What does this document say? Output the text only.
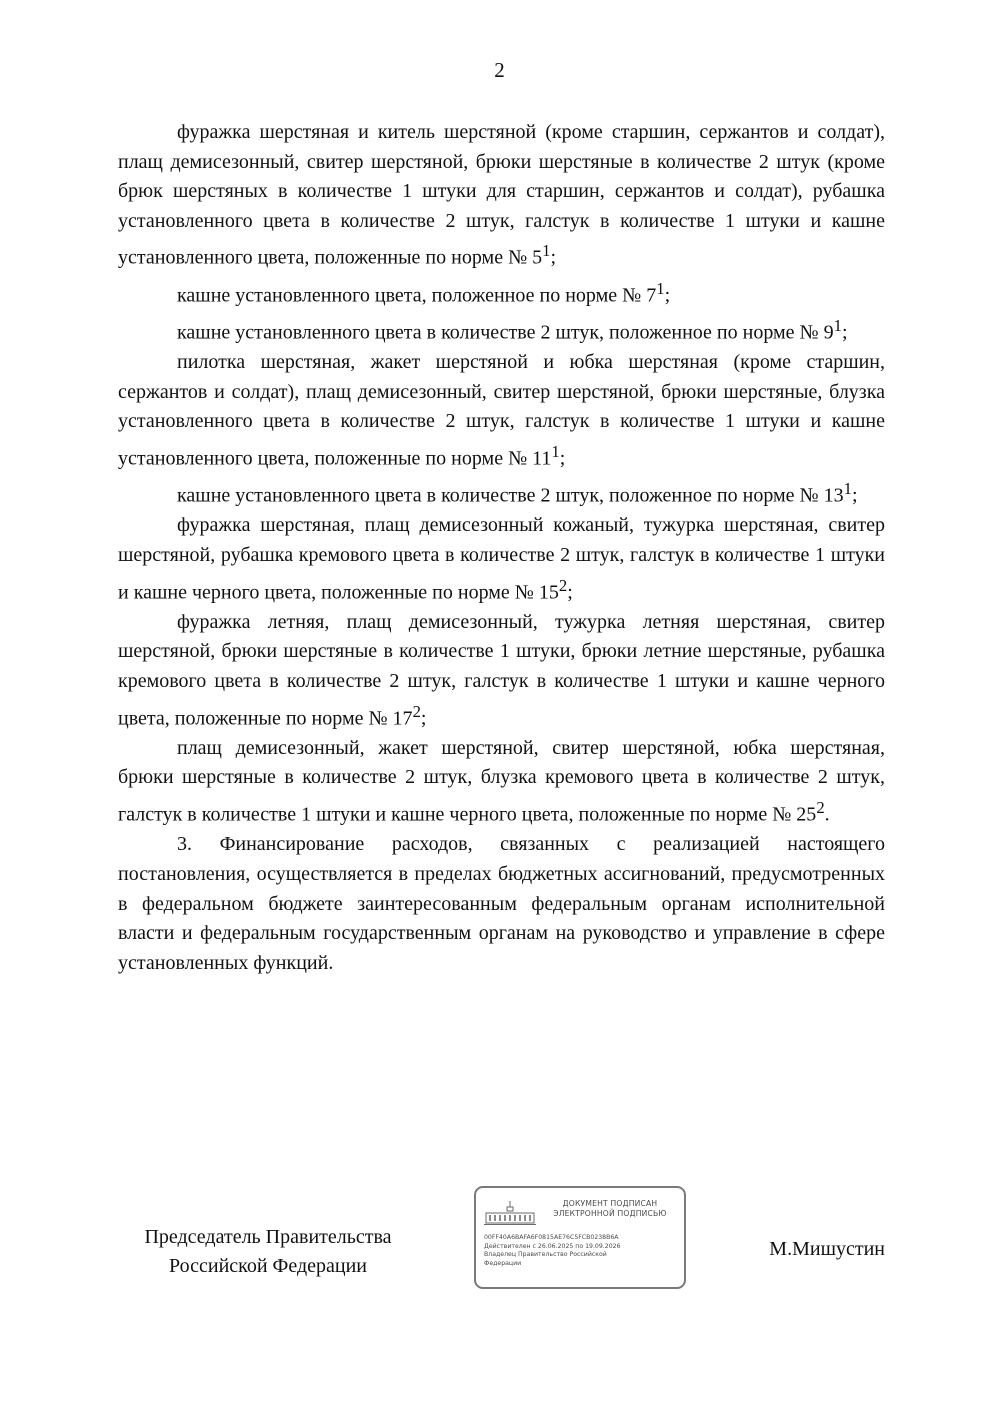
2

фуражка шерстяная и китель шерстяной (кроме старшин, сержантов и солдат), плащ демисезонный, свитер шерстяной, брюки шерстяные в количестве 2 штук (кроме брюк шерстяных в количестве 1 штуки для старшин, сержантов и солдат), рубашка установленного цвета в количестве 2 штук, галстук в количестве 1 штуки и кашне установленного цвета, положенные по норме № $5^1$;

кашне установленного цвета, положенное по норме № $7^1$;

кашне установленного цвета в количестве 2 штук, положенное по норме № $9^1$;

пилотка шерстяная, жакет шерстяной и юбка шерстяная (кроме старшин, сержантов и солдат), плащ демисезонный, свитер шерстяной, брюки шерстяные, блузка установленного цвета в количестве 2 штук, галстук в количестве 1 штуки и кашне установленного цвета, положенные по норме № $11^1$;

кашне установленного цвета в количестве 2 штук, положенное по норме № $13^1$;

фуражка шерстяная, плащ демисезонный кожаный, тужурка шерстяная, свитер шерстяной, рубашка кремового цвета в количестве 2 штук, галстук в количестве 1 штуки и кашне черного цвета, положенные по норме № $15^2$;

фуражка летняя, плащ демисезонный, тужурка летняя шерстяная, свитер шерстяной, брюки шерстяные в количестве 1 штуки, брюки летние шерстяные, рубашка кремового цвета в количестве 2 штук, галстук в количестве 1 штуки и кашне черного цвета, положенные по норме № $17^2$;

плащ демисезонный, жакет шерстяной, свитер шерстяной, юбка шерстяная, брюки шерстяные в количестве 2 штук, блузка кремового цвета в количестве 2 штук, галстук в количестве 1 штуки и кашне черного цвета, положенные по норме № $25^2$.

3. Финансирование расходов, связанных с реализацией настоящего постановления, осуществляется в пределах бюджетных ассигнований, предусмотренных в федеральном бюджете заинтересованным федеральным органам исполнительной власти и федеральным государственным органам на руководство и управление в сфере установленных функций.

Председатель Правительства
Российской Федерации
ДОКУМЕНТ ПОДПИСАН
ЭЛЕКТРОННОЙ ПОДПИСЬЮ
00FF40A6BAFA6F0815AE76C5FCB0238B6A
Действителен с 26.06.2025 по 19.09.2026
Владелец Правительство Российской
Федерации
М.Мишустин
